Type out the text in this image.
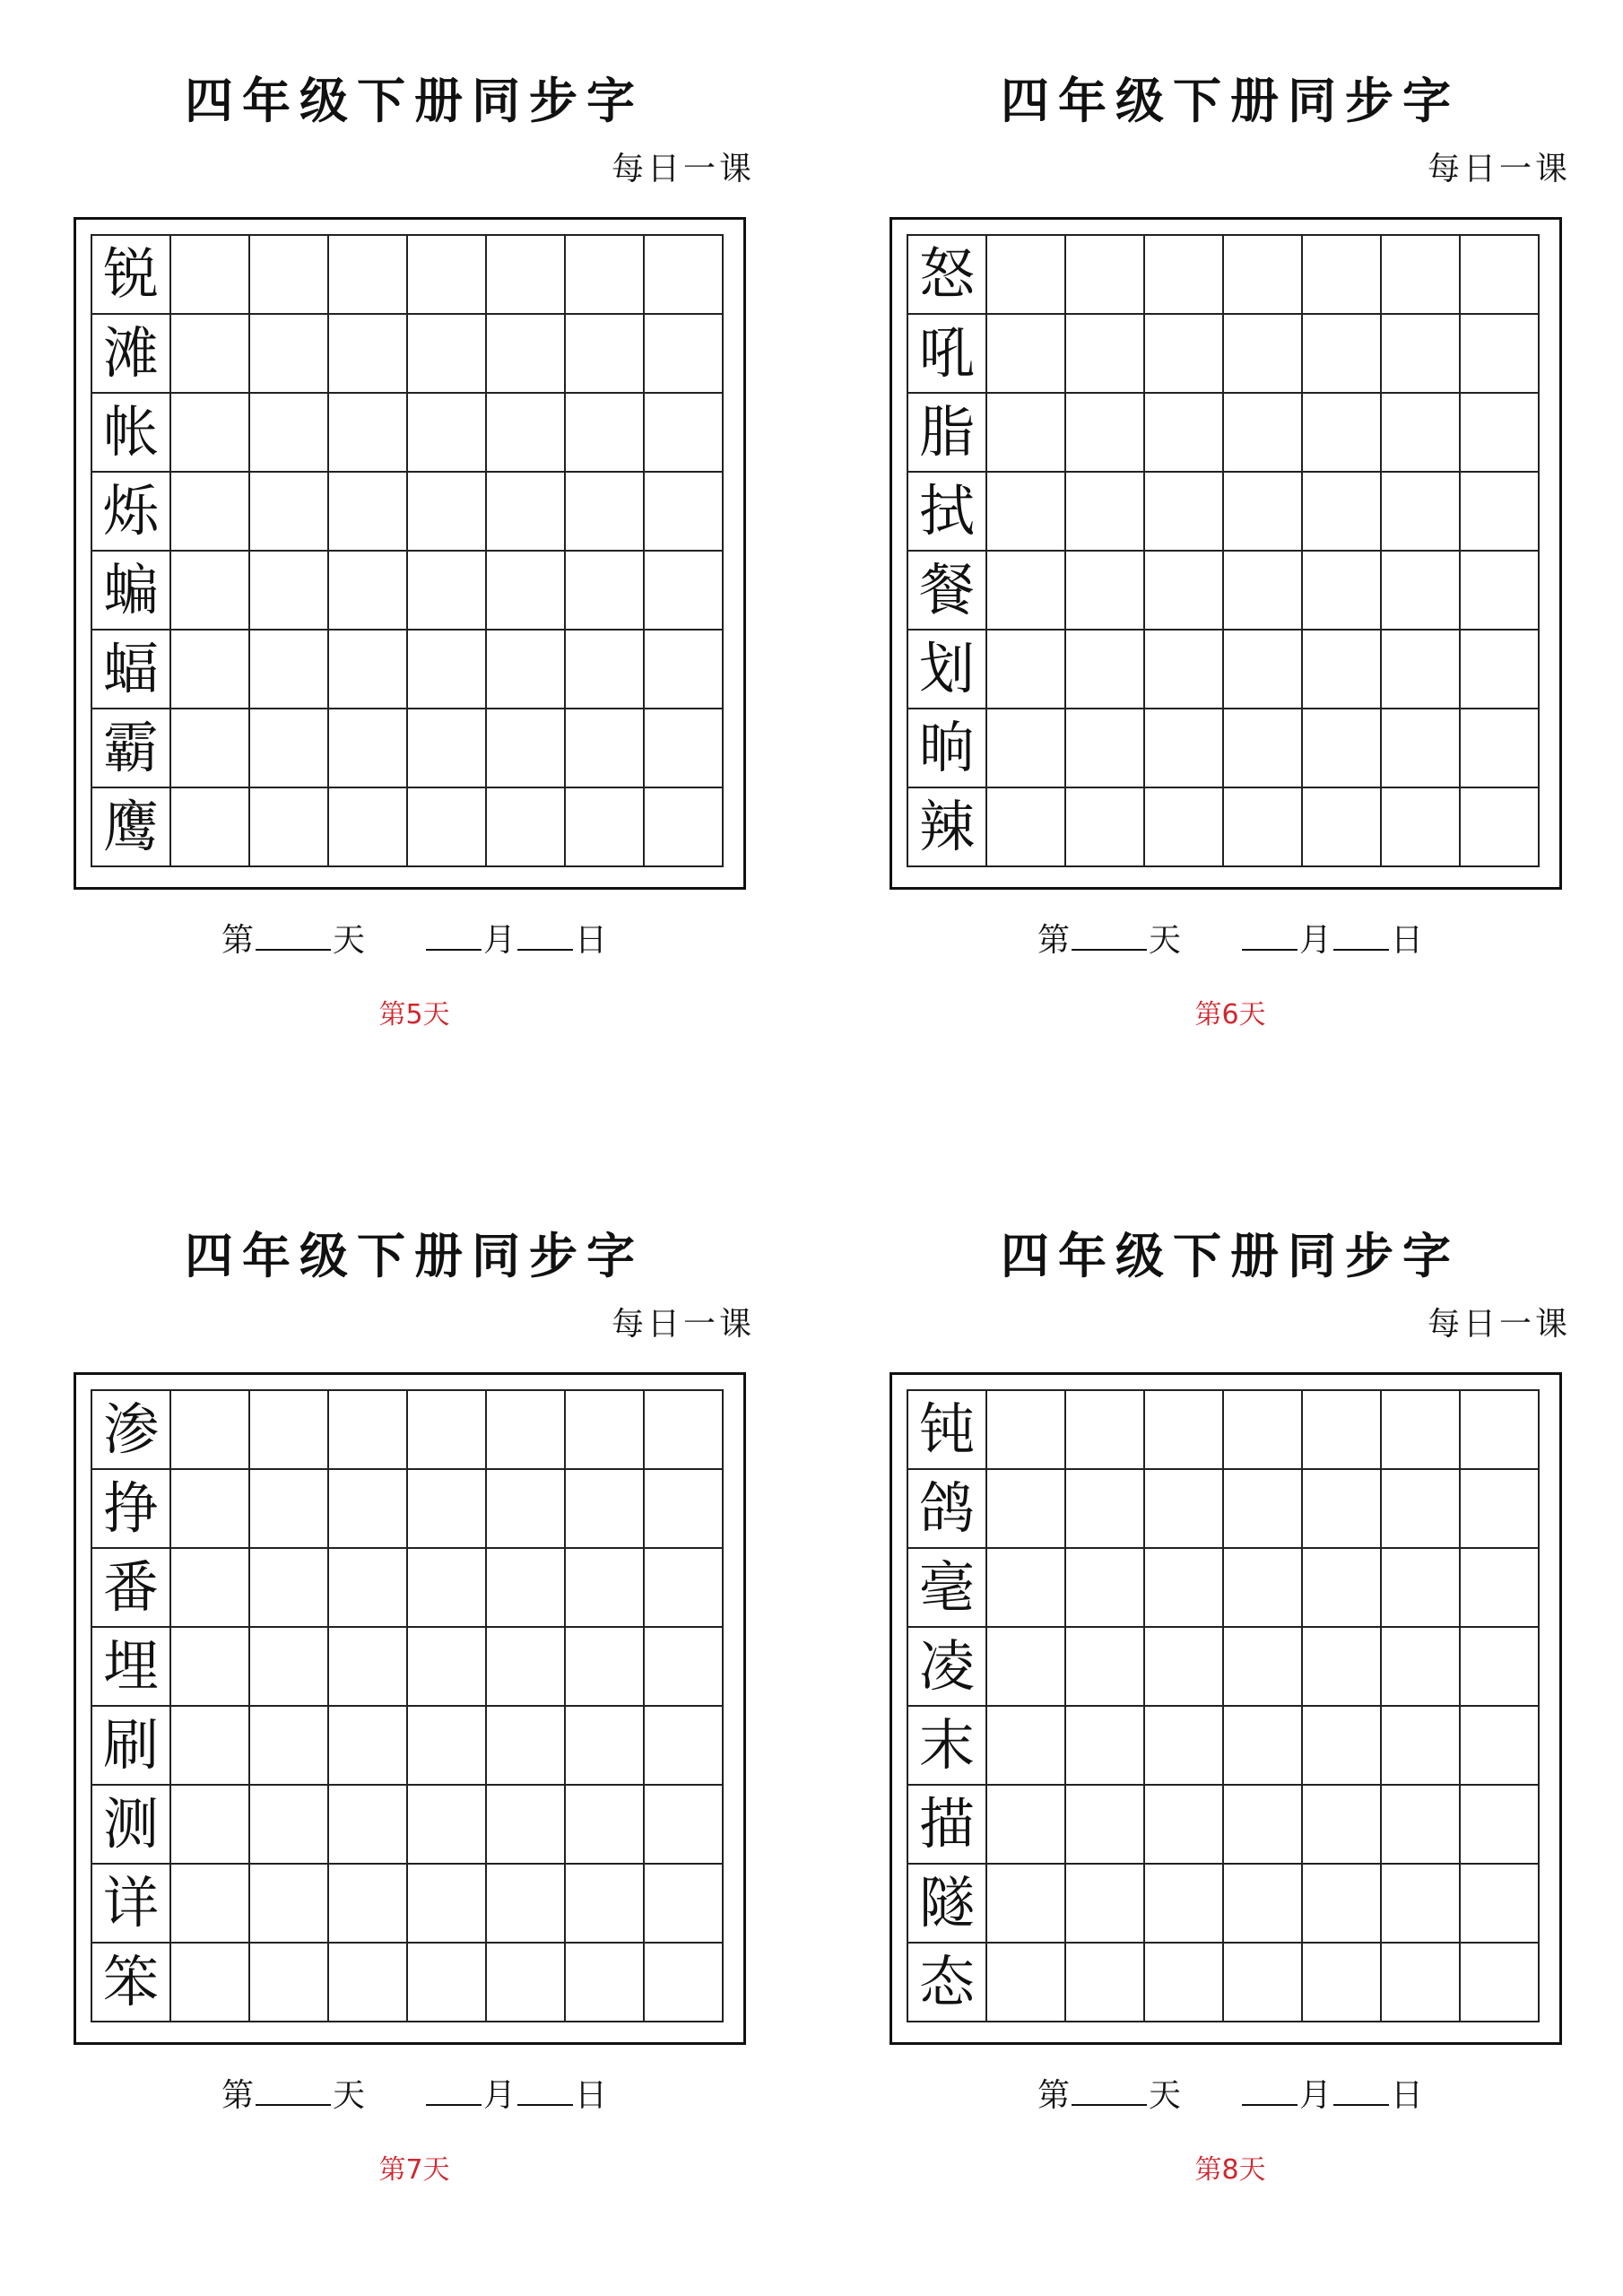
四年级下册同步字
每日一课
锐
滩
帐
烁
蝙
蝠
霸
鹰
第 天	月 日
第5天
四年级下册同步字
每日一课
怒
吼
脂
拭
餐
划
晌
辣
第 天	月 日
第6天
四年级下册同步字
每日一课
渗
挣
番
埋
刷
测
详
笨
第 天	月 日
第7天
四年级下册同步字
每日一课
钝
鸽
毫
凌
末
描
隧
态
第 天	月 日
第8天
